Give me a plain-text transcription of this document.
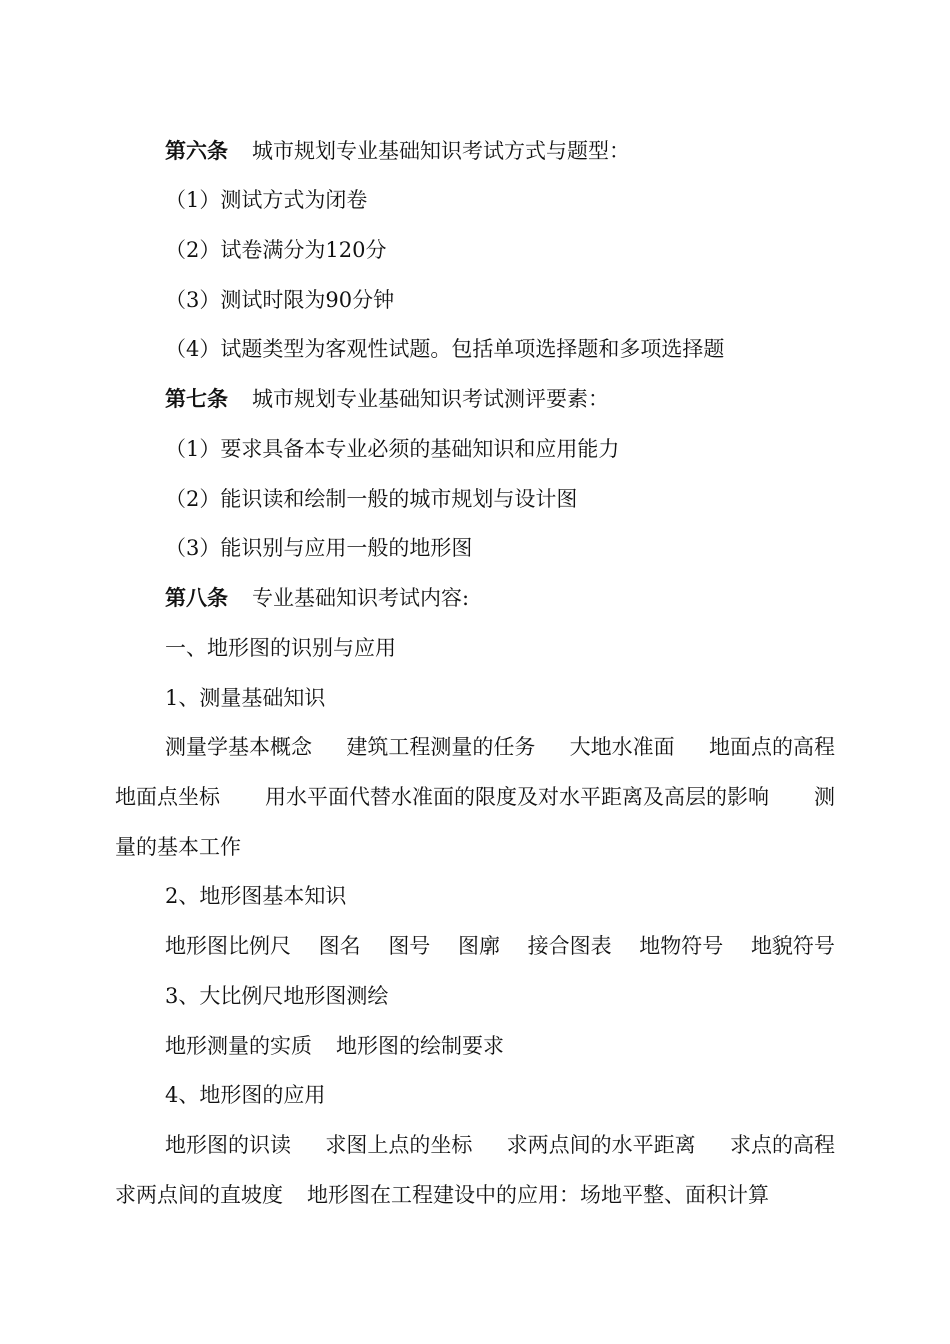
第六条 城市规划专业基础知识考试方式与题型：
（1）测试方式为闭卷
（2）试卷满分为120分
（3）测试时限为90分钟
（4）试题类型为客观性试题。包括单项选择题和多项选择题
第七条 城市规划专业基础知识考试测评要素：
（1）要求具备本专业必须的基础知识和应用能力
（2）能识读和绘制一般的城市规划与设计图
（3）能识别与应用一般的地形图
第八条 专业基础知识考试内容:
一、地形图的识别与应用
1、测量基础知识
测量学基本概念 建筑工程测量的任务 大地水准面 地面点的高程
地面点坐标 用水平面代替水准面的限度及对水平距离及高层的影响 测
量的基本工作
2、地形图基本知识
地形图比例尺 图名 图号 图廓 接合图表 地物符号 地貌符号
3、大比例尺地形图测绘
地形测量的实质 地形图的绘制要求
4、地形图的应用
地形图的识读 求图上点的坐标 求两点间的水平距离 求点的高程
求两点间的直坡度 地形图在工程建设中的应用：场地平整、面积计算
